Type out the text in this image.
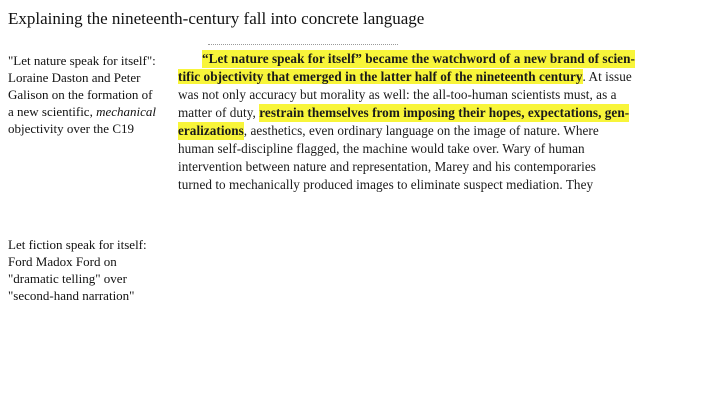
Explaining the nineteenth-century fall into concrete language
"Let nature speak for itself":
Loraine Daston and Peter
Galison on the formation of
a new scientific, mechanical
objectivity over the C19
Let fiction speak for itself:
Ford Madox Ford on
"dramatic telling" over
"second-hand narration"
“Let nature speak for itself” became the watchword of a new brand of scien-
tific objectivity that emerged in the latter half of the nineteenth century. At issue
was not only accuracy but morality as well: the all-too-human scientists must, as a
matter of duty, restrain themselves from imposing their hopes, expectations, gen-
eralizations , aesthetics, even ordinary language on the image of nature. Where
human self-discipline flagged, the machine would take over. Wary of human
intervention between nature and representation, Marey and his contemporaries
turned to mechanically produced images to eliminate suspect mediation. They
